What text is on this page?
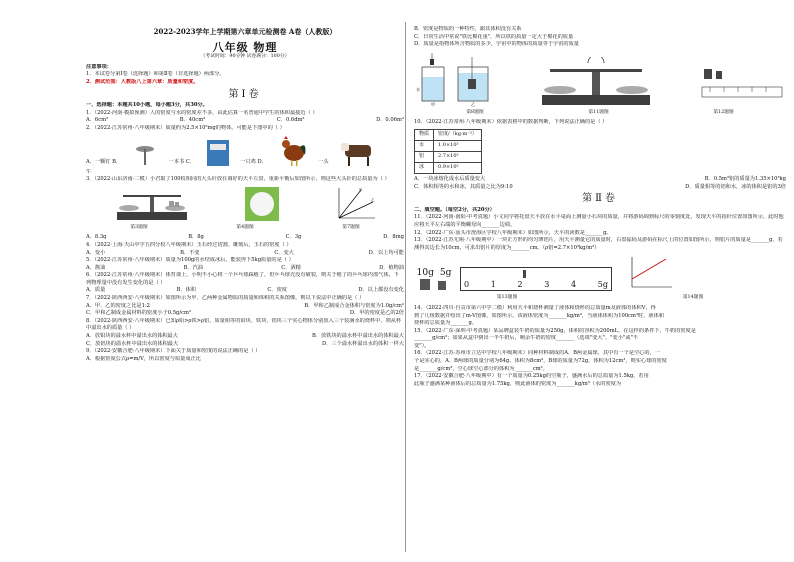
2022-2023学年上学期第六章单元检测卷 A卷（人教版）
八年级 物理
（考试时间：90分钟 试卷满分：100分）

注意事项：

1．本试卷分第Ⅰ卷（选择题）和第Ⅱ卷（非选择题）两部分。

2．测试范围：人教版八上第六章：质量和密度。

第Ⅰ卷

一、选择题：本题共10小题，每小题3分，共30分。

1．（2022·河南·模拟预测）人的密度与水的密度差不多，由此估算一名普通中学生的体积最接近（ ）

A．6cm³	B．40cm³	C．0.6dm³	D．0.06m³

2．（2022·江苏常州·八年级期末）质量约为2.5×10⁵mg的物体，可能是下图中的（ ）

A．一颗钉 B．	一本书 C．	一只鸡 D．	一头

牛

3．（2022·山东济南·二模）小君取了100枚相同的大头针放在调好的天平左盘，重新平衡后如图所示，则这些大头针的总质量为（ ）

甲
乙
第3题图	第4题图	第7题图
A．8.3g	B．8g	C．3g	D．8mg

4．（2022·上海·天山中学五四分校八年级期末）玉石经过切割、雕刻后，玉石的密度（ ）

A．变小	B．不变	C．变大	D．以上均可能

5．（2022·江苏常州·八年级期末）质量为100g的水结成冰后，能装得下5kg质量的是（ ）

A．酱油	B．汽油	C．酒精	D．植物油

6．（2022·江苏常州·八年级期末）体育课上，小明不小心将一个乒乓球踩瘪了，但乒乓球壳没有破裂，则关于瘪了的乒乓球内部气体，下列物理量中没有发生变化的是（ ）

A．质量	B．体积	C．密度	D．以上都没有变化

7．（2022·陕西西安·八年级期末）如图所示为甲、乙两种金属物质的质量和体积的关系图像，则以下说法中正确的是（ ）

A．甲、乙的密度之比是1:2	B．甲和乙制成合金体积与密度为1.0g/cm³
C．甲和乙制成金属材料的密度小于0.5g/cm³	D．甲的密度是乙的2倍

8．（2022·陕西西安·八年级期末）已知ρ铅>ρ铁>ρ铝，质量相等的铅块、铁块、铝块三个实心物体分别放入三个装满水的烧杯中，则从杯中溢出水的质量（ ）

A．放铅块的溢水杯中溢出水的体积最大	B．放铁块的溢水杯中溢出水的体积最大
C．放铝块的溢水杯中溢出水的体积最大	D．三个溢水杯溢出水的体积一样大

9．（2022·安徽合肥·八年级期末）下面关于质量和密度的说法正确的是（ ）

A．根据密度公式ρ=m/V，所以密度与质量成正比

B．密度是物质的一种特性，跟其体积没有关系

C．日常生活中常说"铁比棉花重"，所以铁的质量一定大于棉花的质量

D．质量是指物体所含物质的多少，宇宙中的物体的质量等于宇宙的质量

水
甲	乙
第8题图	第11题图	第12题图

10．（2022·江苏常州·八年级期末）依据表格中的数据判断，下列说法正确的是（ ）

物质	密度/（kg·m⁻³）
水	1.0×10³
铝	2.7×10³
冰	0.9×10³
A．一块冰熔化成水后质量变大	B．0.5m³铝的质量为1.35×10³kg
C．体积相等的水和冰，其质量之比为9:10	D．质量相等的铝和水，冰的体积是铝的3倍
第Ⅱ卷

二、填空题。（每空2分，共20分）

11．（2022·河南·南阳·中考真题）小文同学将托盘天平放在水平桌面上测量小石块的质量，并将游码调到标尺的零刻度处，发现天平的指针位置如图所示，此时他应将天平左右端的平衡螺母向_______边调。

12．（2022·广东·汕头市澄海区学校八年级期末）如图所示，天平的读数是_______g。

13．（2022·江苏无锡·八年级期中）一块正方形的均匀薄铝片，用天平测量它的质量时，右盘砝码及游码在标尺上的位置如图所示，则铝片的质量是_______g，若测得其边长为10cm，可求出铝片的厚度为_______cm。（ρ铝=2.7×10³kg/m³）

10g 5g
0	1	2	3	4	5g
第13题图	第14题图

14．（2022·四川·自贡市第六中学二模）利用天平和烧杯测量了液体和烧杯的总质量m及液体的体积V，得

到了几组数据并绘出了m-V图像，如图所示。该液体密度为_______kg/m³，当液体体积为100cm³时，液体和

烧杯的总质量为_______g。

15．（2022·广东·深圳·中考真题）某品牌盒装牛奶的质量为250g，体积的容积为200mL，在这样的条件下，牛奶的密度是

_______g/cm³；如果从盒中倒出一半牛奶后，剩余牛奶的密度_______（选填"变大"、"变小"或"不

变"）。

16．（2022·江苏·苏州市立达中学校八年级期末）同种材料制成的A、B两金属球，其中有一个是空心的，一

个是实心的，A、B两球的质量分别为64g、体积为8cm³，B球的质量为72g，体积为12cm³，则实心球的密度

是_______g/cm³，空心球空心部分的体积为_______cm³。

17．（2022·安徽合肥·八年级期中）有一个质量为0.25kg的空瓶子，盛满水后的总质量为1.5kg，若用

此瓶子盛满某种液体后的总质量为1.75kg，则此液体的密度为_______kg/m³（水的密度为
